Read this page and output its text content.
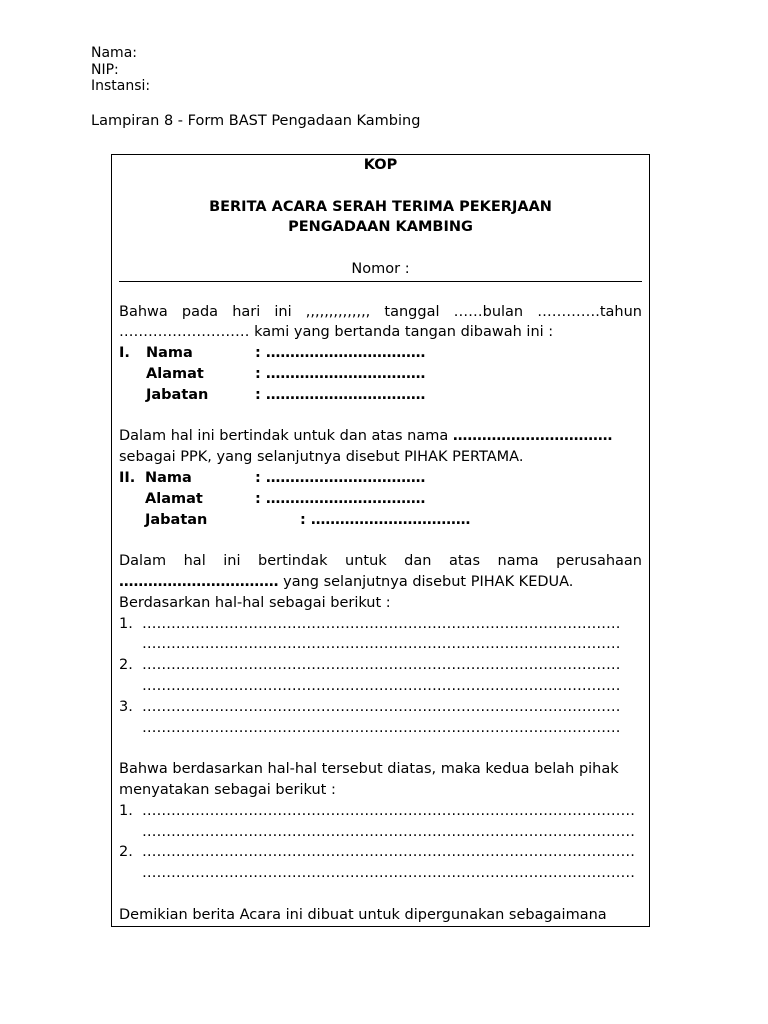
Nama:
NIP:
Instansi:
Lampiran 8 - Form BAST Pengadaan Kambing
KOP
BERITA ACARA SERAH TERIMA PEKERJAAN
PENGADAAN KAMBING
Nomor :
Bahwa pada hari ini ,,,,,,,,,,,,,, tanggal ……bulan ………….tahun
……………………… kami yang bertanda tangan dibawah ini :
I. Nama	: ……………………………
Alamat	: ……………………………
Jabatan	: ……………………………
Dalam hal ini bertindak untuk dan atas nama ……………………………
sebagai PPK, yang selanjutnya disebut PIHAK PERTAMA.
II. Nama	: ……………………………
Alamat	: ……………………………
Jabatan	: ……………………………
Dalam hal ini bertindak untuk dan atas nama perusahaan
…………………………… yang selanjutnya disebut PIHAK KEDUA.
Berdasarkan hal-hal sebagai berikut :
1. ………………………………………………………………………………………
………………………………………………………………………………………
2. ………………………………………………………………………………………
………………………………………………………………………………………
3. ………………………………………………………………………………………
………………………………………………………………………………………
Bahwa berdasarkan hal-hal tersebut diatas, maka kedua belah pihak
menyatakan sebagai berikut :
1. …………………………………………………………………………………………
…………………………………………………………………………………………
2. …………………………………………………………………………………………
…………………………………………………………………………………………
Demikian berita Acara ini dibuat untuk dipergunakan sebagaimana
